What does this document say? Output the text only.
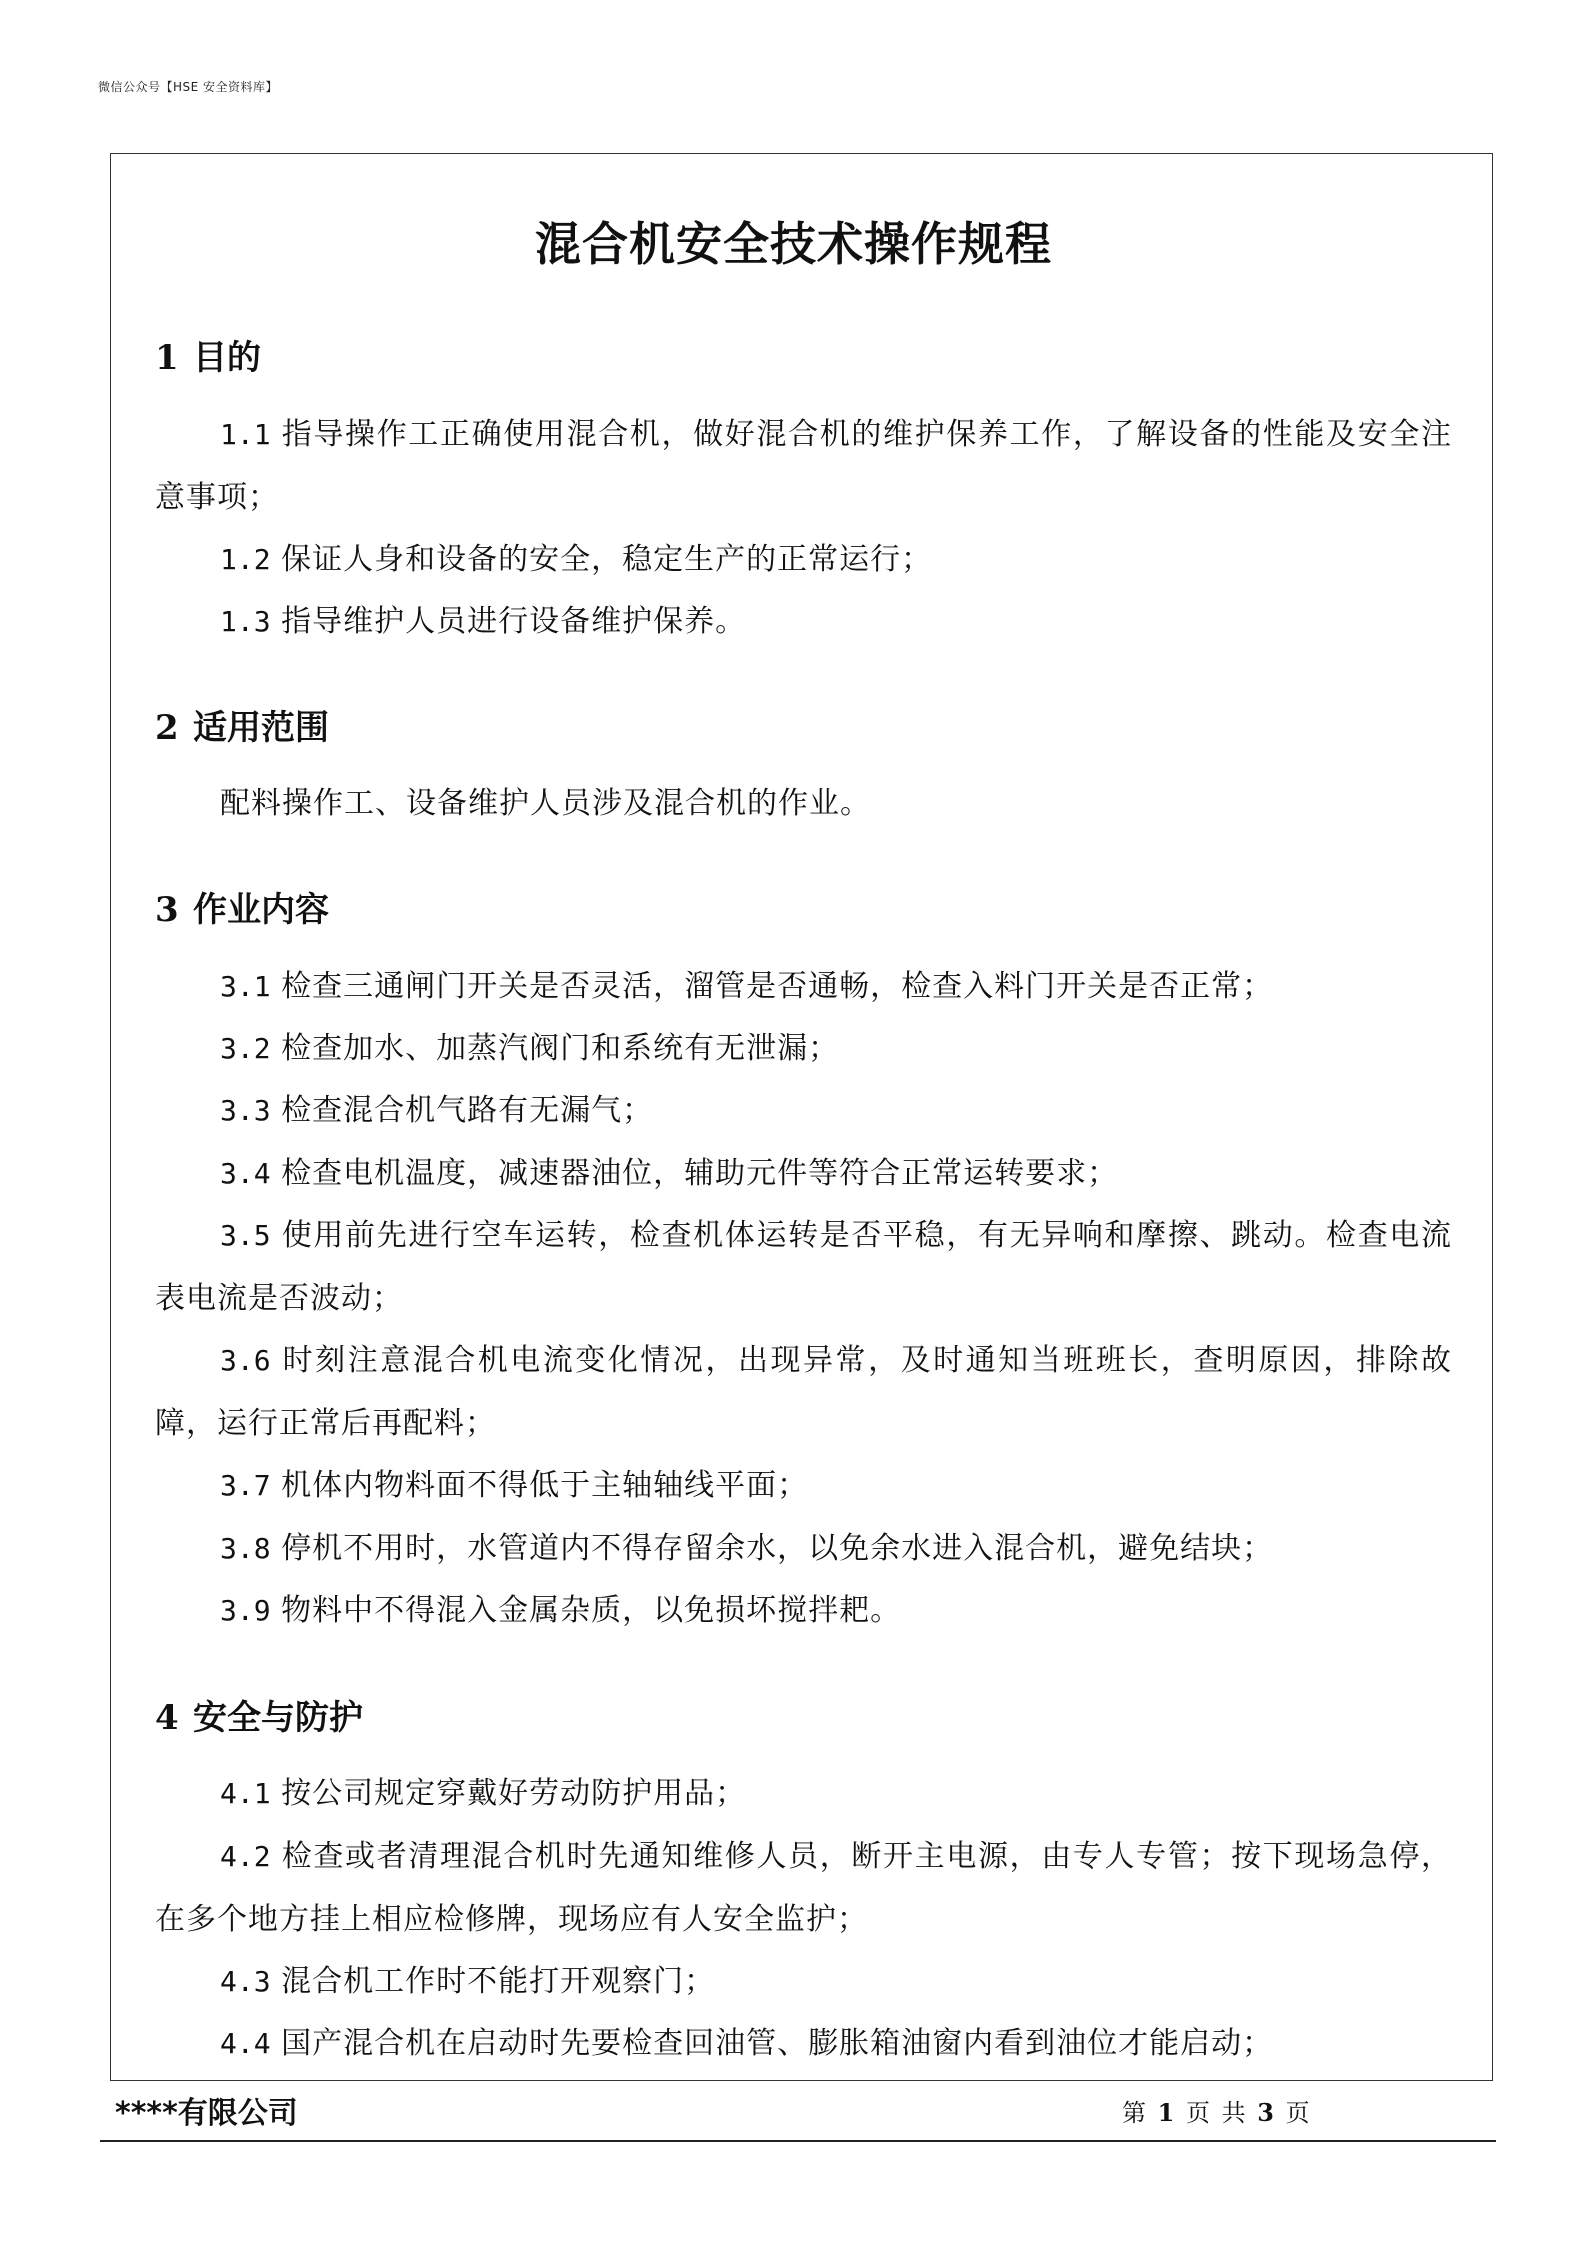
微信公众号【HSE 安全资料库】
混合机安全技术操作规程
1 目的
1.1 指导操作工正确使用混合机，做好混合机的维护保养工作，了解设备的性能及安全注意事项；
1.2 保证人身和设备的安全，稳定生产的正常运行；
1.3 指导维护人员进行设备维护保养。
2 适用范围
配料操作工、设备维护人员涉及混合机的作业。
3 作业内容
3.1 检查三通闸门开关是否灵活，溜管是否通畅，检查入料门开关是否正常；
3.2 检查加水、加蒸汽阀门和系统有无泄漏；
3.3 检查混合机气路有无漏气；
3.4 检查电机温度，减速器油位，辅助元件等符合正常运转要求；
3.5 使用前先进行空车运转，检查机体运转是否平稳，有无异响和摩擦、跳动。检查电流表电流是否波动；
3.6 时刻注意混合机电流变化情况，出现异常，及时通知当班班长，查明原因，排除故障，运行正常后再配料；
3.7 机体内物料面不得低于主轴轴线平面；
3.8 停机不用时，水管道内不得存留余水，以免余水进入混合机，避免结块；
3.9 物料中不得混入金属杂质，以免损坏搅拌耙。
4 安全与防护
4.1 按公司规定穿戴好劳动防护用品；
4.2 检查或者清理混合机时先通知维修人员，断开主电源，由专人专管；按下现场急停，在多个地方挂上相应检修牌，现场应有人安全监护；
4.3 混合机工作时不能打开观察门；
4.4 国产混合机在启动时先要检查回油管、膨胀箱油窗内看到油位才能启动；
****有限公司	第 1 页 共 3 页
